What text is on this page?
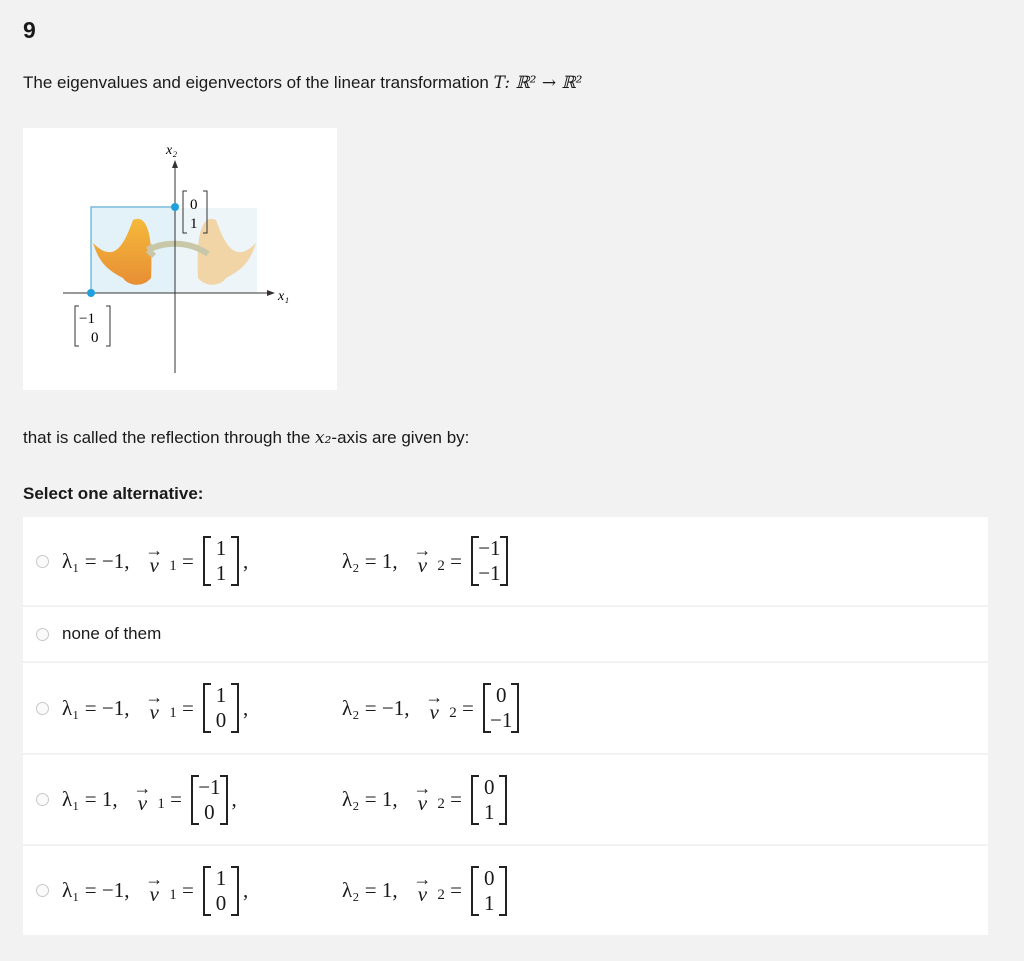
9
The eigenvalues and eigenvectors of the linear transformation T: ℝ² → ℝ²
x₂
x₁
0
1
−1
0
that is called the reflection through the x₂-axis are given by:
Select one alternative:
λ₁ = −1,
→
v 1 =
1
1
,	λ₂ = 1,
→
v 2 =
−1
−1
none of them
λ₁ = −1,
→
v 1 =
1
0
,	λ₂ = −1,
→
v 2 =
0
−1
λ₁ = 1,
→
v 1 =
−1
0
,	λ₂ = 1,
→
v 2 =
0
1
λ₁ = −1,
→
v 1 =
1
0
,	λ₂ = 1,
→
v 2 =
0
1
